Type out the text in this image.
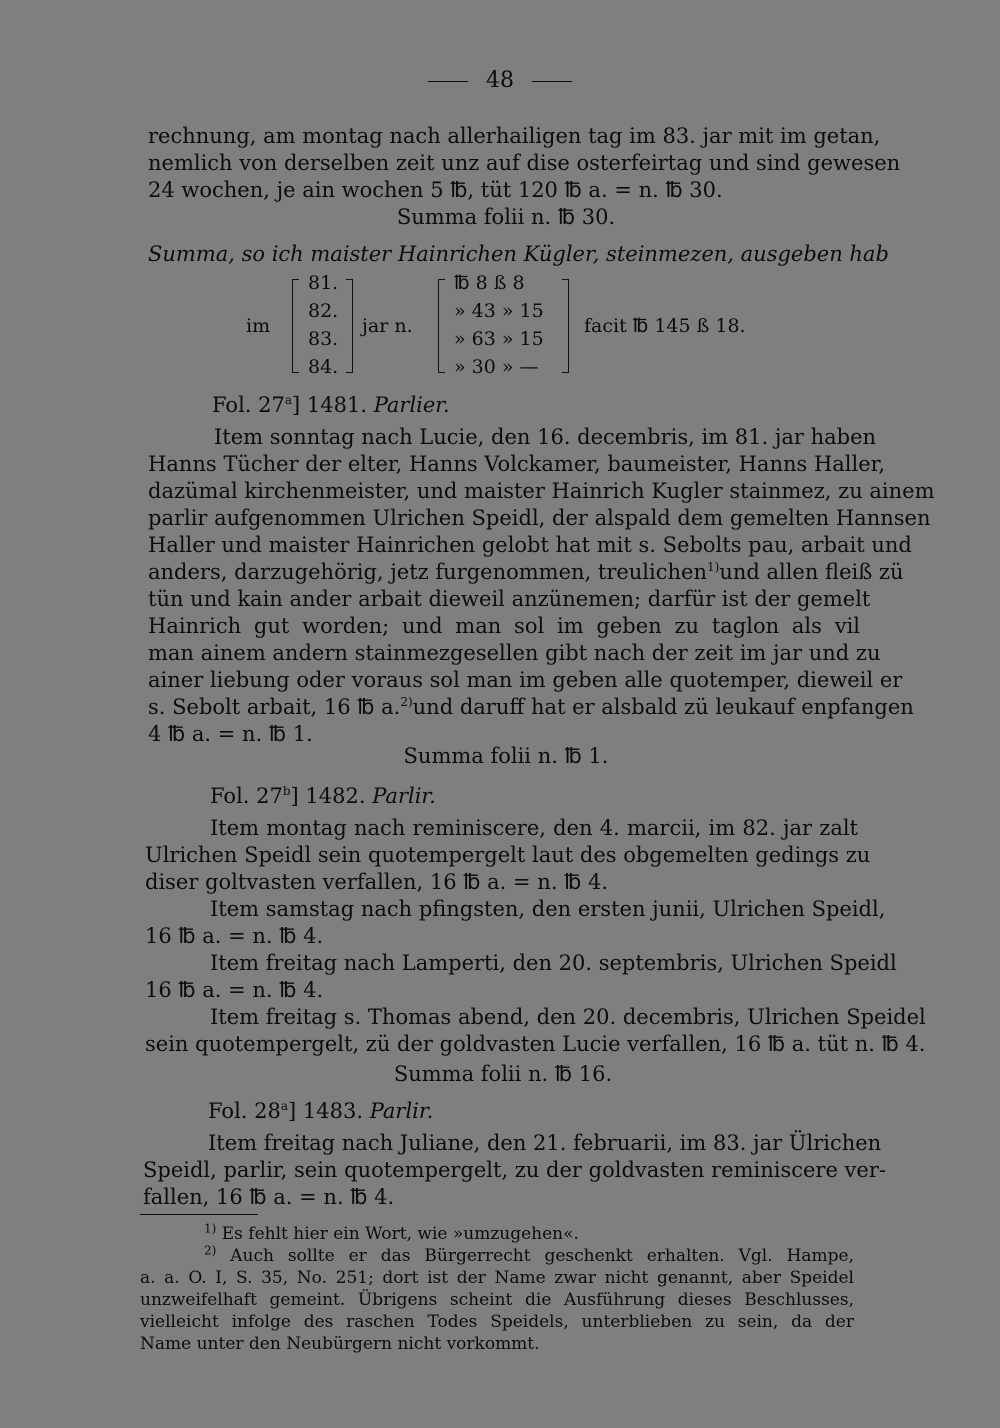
48
rechnung, am montag nach allerhailigen tag im 83. jar mit im getan,
nemlich von derselben zeit unz auf dise osterfeirtag und sind gewesen
24 wochen, je ain wochen 5 ℔, tüt 120 ℔ a. = n. ℔ 30.
Summa folii n. ℔ 30.
Summa, so ich maister Hainrichen Kügler, steinmezen, ausgeben hab
im
81.
82.
83.
84.
jar n.
℔ 8 ß 8
» 43 » 15
» 63 » 15
» 30 » —
facit ℔ 145 ß 18.
Fol. 27$^a$] 1481. Parlier.
Item sonntag nach Lucie, den 16. decembris, im 81. jar haben
Hanns Tücher der elter, Hanns Volckamer, baumeister, Hanns Haller,
dazümal kirchenmeister, und maister Hainrich Kugler stainmez, zu ainem
parlir aufgenommen Ulrichen Speidl, der alspald dem gemelten Hannsen
Haller und maister Hainrichen gelobt hat mit s. Sebolts pau, arbait und
anders, darzugehörig, jetz furgenommen, treulichen$^{1)}$ und allen fleiß zü
tün und kain ander arbait dieweil anzünemen; darfür ist der gemelt
Hainrich gut worden; und man sol im geben zu taglon als vil
man ainem andern stainmezgesellen gibt nach der zeit im jar und zu
ainer liebung oder voraus sol man im geben alle quotemper, dieweil er
s. Sebolt arbait, 16 ℔ a.$^{2)}$ und daruff hat er alsbald zü leukauf enpfangen
4 ℔ a. = n. ℔ 1.
Summa folii n. ℔ 1.
Fol. 27$^b$] 1482. Parlir.
Item montag nach reminiscere, den 4. marcii, im 82. jar zalt
Ulrichen Speidl sein quotempergelt laut des obgemelten gedings zu
diser goltvasten verfallen, 16 ℔ a. = n. ℔ 4.
Item samstag nach pfingsten, den ersten junii, Ulrichen Speidl,
16 ℔ a. = n. ℔ 4.
Item freitag nach Lamperti, den 20. septembris, Ulrichen Speidl
16 ℔ a. = n. ℔ 4.
Item freitag s. Thomas abend, den 20. decembris, Ulrichen Speidel
sein quotempergelt, zü der goldvasten Lucie verfallen, 16 ℔ a. tüt n. ℔ 4.
Summa folii n. ℔ 16.
Fol. 28$^a$] 1483. Parlir.
Item freitag nach Juliane, den 21. februarii, im 83. jar Ülrichen
Speidl, parlir, sein quotempergelt, zu der goldvasten reminiscere ver-
fallen, 16 ℔ a. = n. ℔ 4.
$^{1)}$ Es fehlt hier ein Wort, wie »umzugehen«.
$^{2)}$ Auch sollte er das Bürgerrecht geschenkt erhalten. Vgl. Hampe,
a. a. O. I, S. 35, No. 251; dort ist der Name zwar nicht genannt, aber Speidel
unzweifelhaft gemeint. Übrigens scheint die Ausführung dieses Beschlusses,
vielleicht infolge des raschen Todes Speidels, unterblieben zu sein, da der
Name unter den Neubürgern nicht vorkommt.
